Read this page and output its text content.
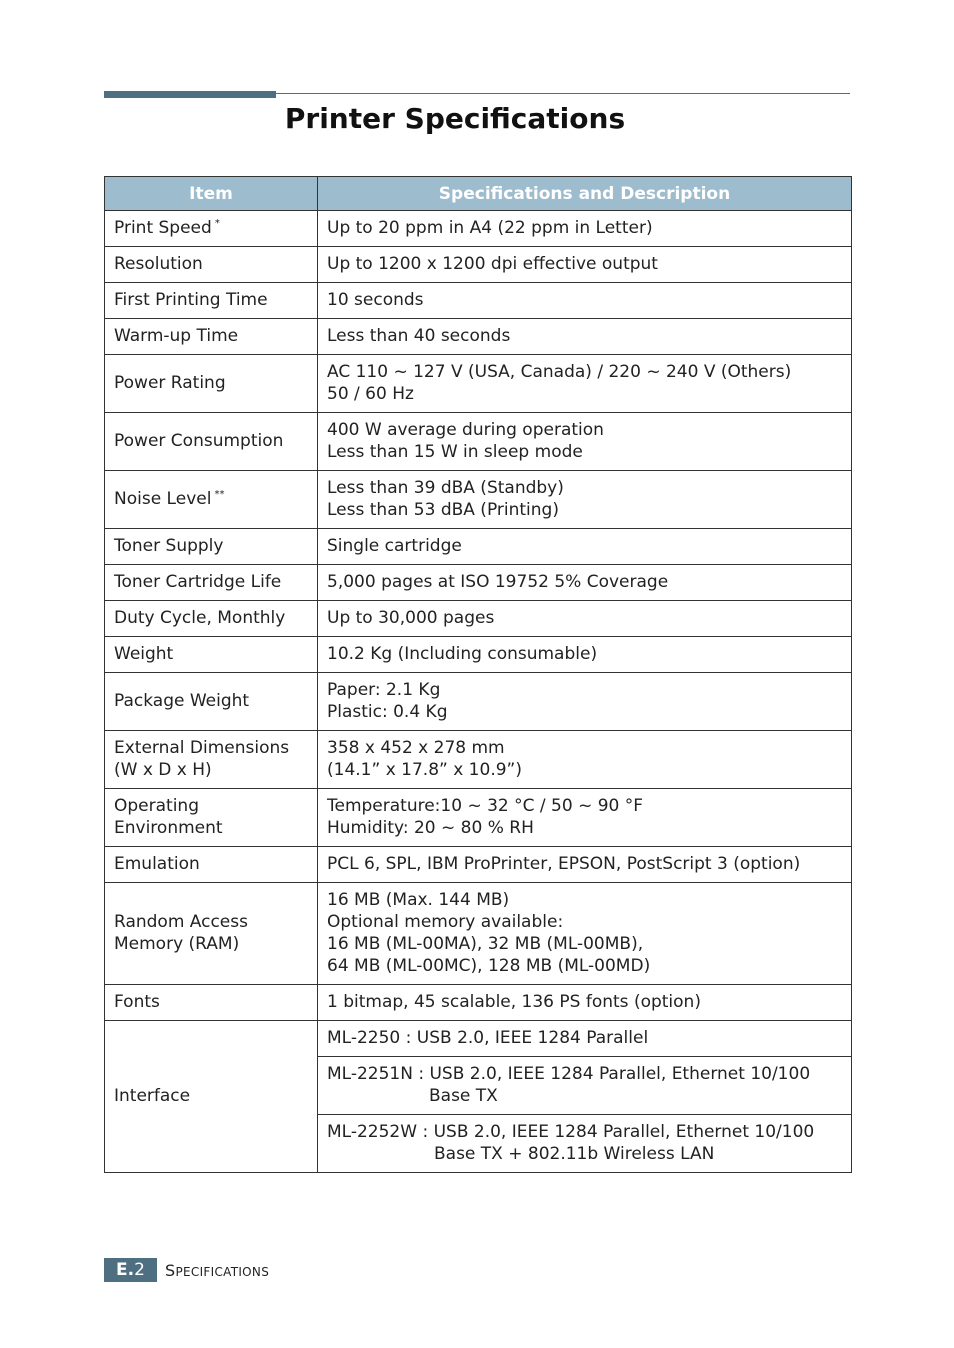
Printer Specifications
Item	Specifications and Description
Print Speed *	Up to 20 ppm in A4 (22 ppm in Letter)

Resolution	Up to 1200 x 1200 dpi effective output

First Printing Time	10 seconds

Warm-up Time	Less than 40 seconds

Power Rating	AC 110 ~ 127 V (USA, Canada) / 220 ~ 240 V (Others)
50 / 60 Hz

Power Consumption	400 W average during operation
Less than 15 W in sleep mode

Noise Level **	Less than 39 dBA (Standby)
Less than 53 dBA (Printing)

Toner Supply	Single cartridge

Toner Cartridge Life	5,000 pages at ISO 19752 5% Coverage

Duty Cycle, Monthly	Up to 30,000 pages

Weight	10.2 Kg (Including consumable)

Package Weight	Paper: 2.1 Kg
Plastic: 0.4 Kg

External Dimensions
(W x D x H)	358 x 452 x 278 mm
(14.1” x 17.8” x 10.9”)

Operating Environment	Temperature:10 ~ 32 °C / 50 ~ 90 °F
Humidity: 20 ~ 80 % RH

Emulation	PCL 6, SPL, IBM ProPrinter, EPSON, PostScript 3 (option)

Random Access
Memory (RAM)	16 MB (Max. 144 MB)
Optional memory available:
16 MB (ML-00MA), 32 MB (ML-00MB),
64 MB (ML-00MC), 128 MB (ML-00MD)

Fonts	1 bitmap, 45 scalable, 136 PS fonts (option)

Interface	ML-2250 : USB 2.0, IEEE 1284 Parallel

	ML-2251N : USB 2.0, IEEE 1284 Parallel, Ethernet 10/100
Base TX

	ML-2252W : USB 2.0, IEEE 1284 Parallel, Ethernet 10/100
Base TX + 802.11b Wireless LAN
E.2	SPECIFICATIONS
